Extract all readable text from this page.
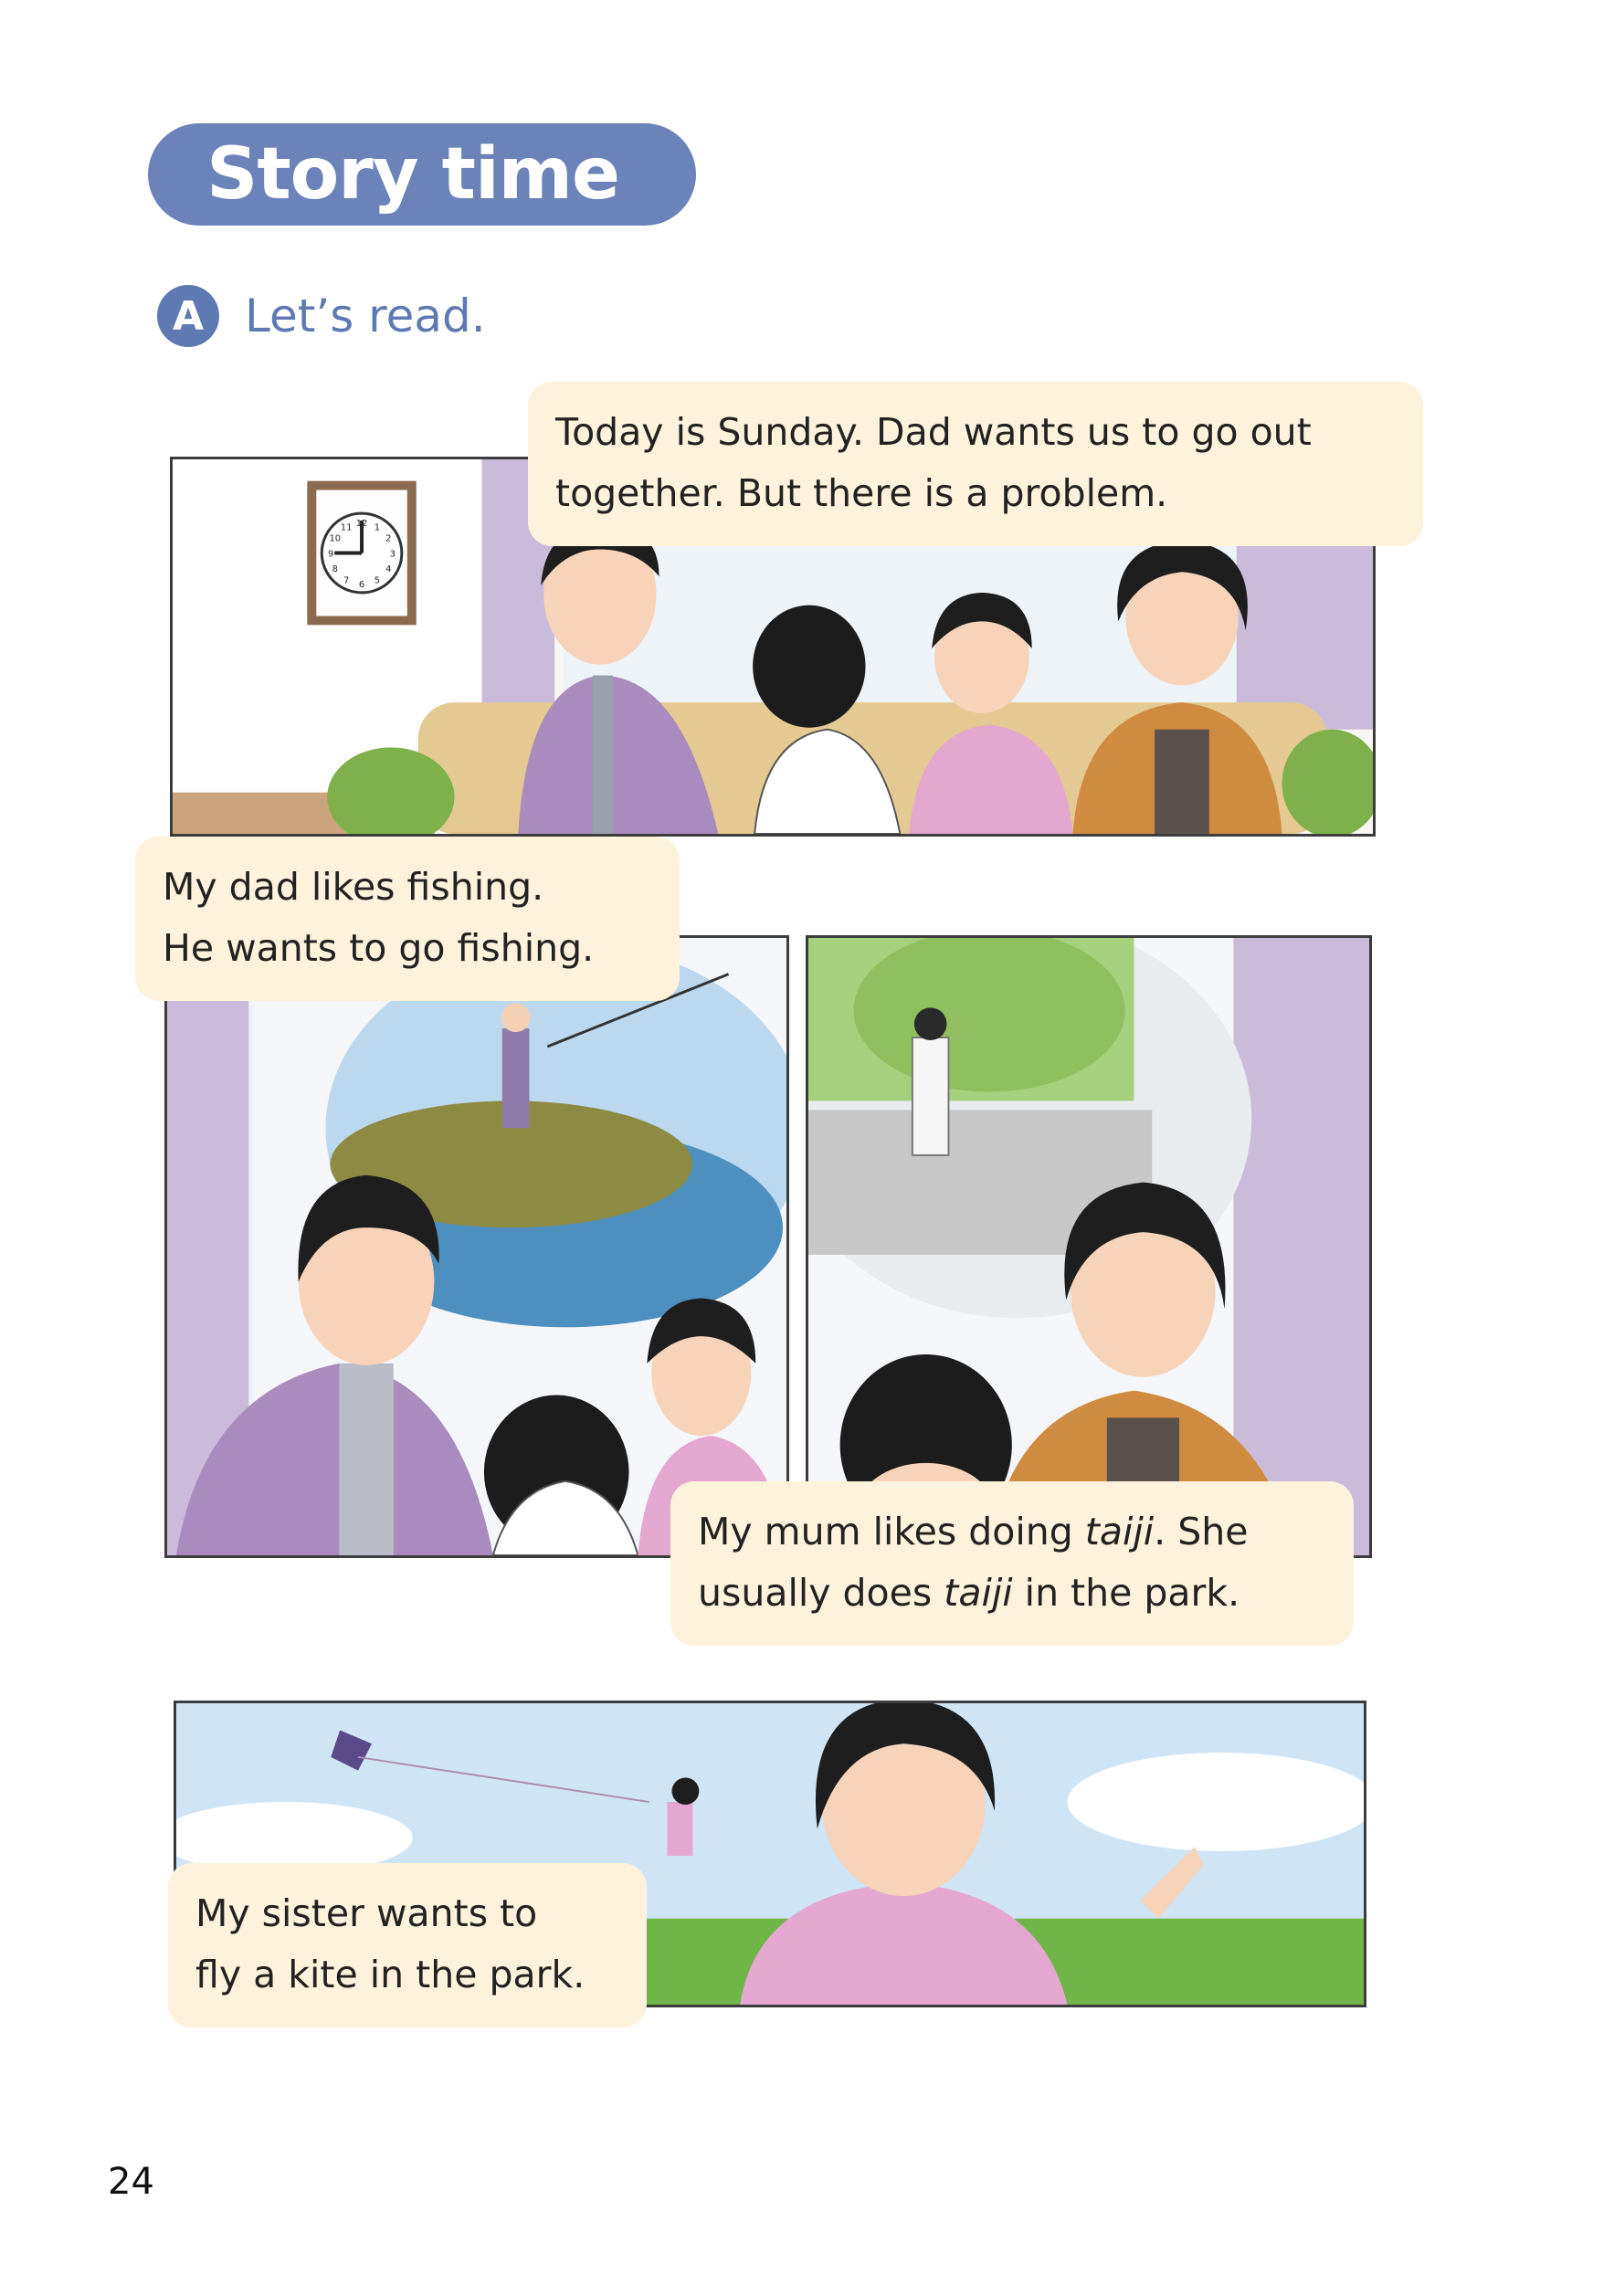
Story time
A Let’s read.
12 1
2
3
4
5
6
7
8
9
10
11
Today is Sunday. Dad wants us to go out
together. But there is a problem.
My dad likes fishing.
He wants to go fishing.
My mum likes doing taiji. She
usually does taiji in the park.
My sister wants to
fly a kite in the park.
24
